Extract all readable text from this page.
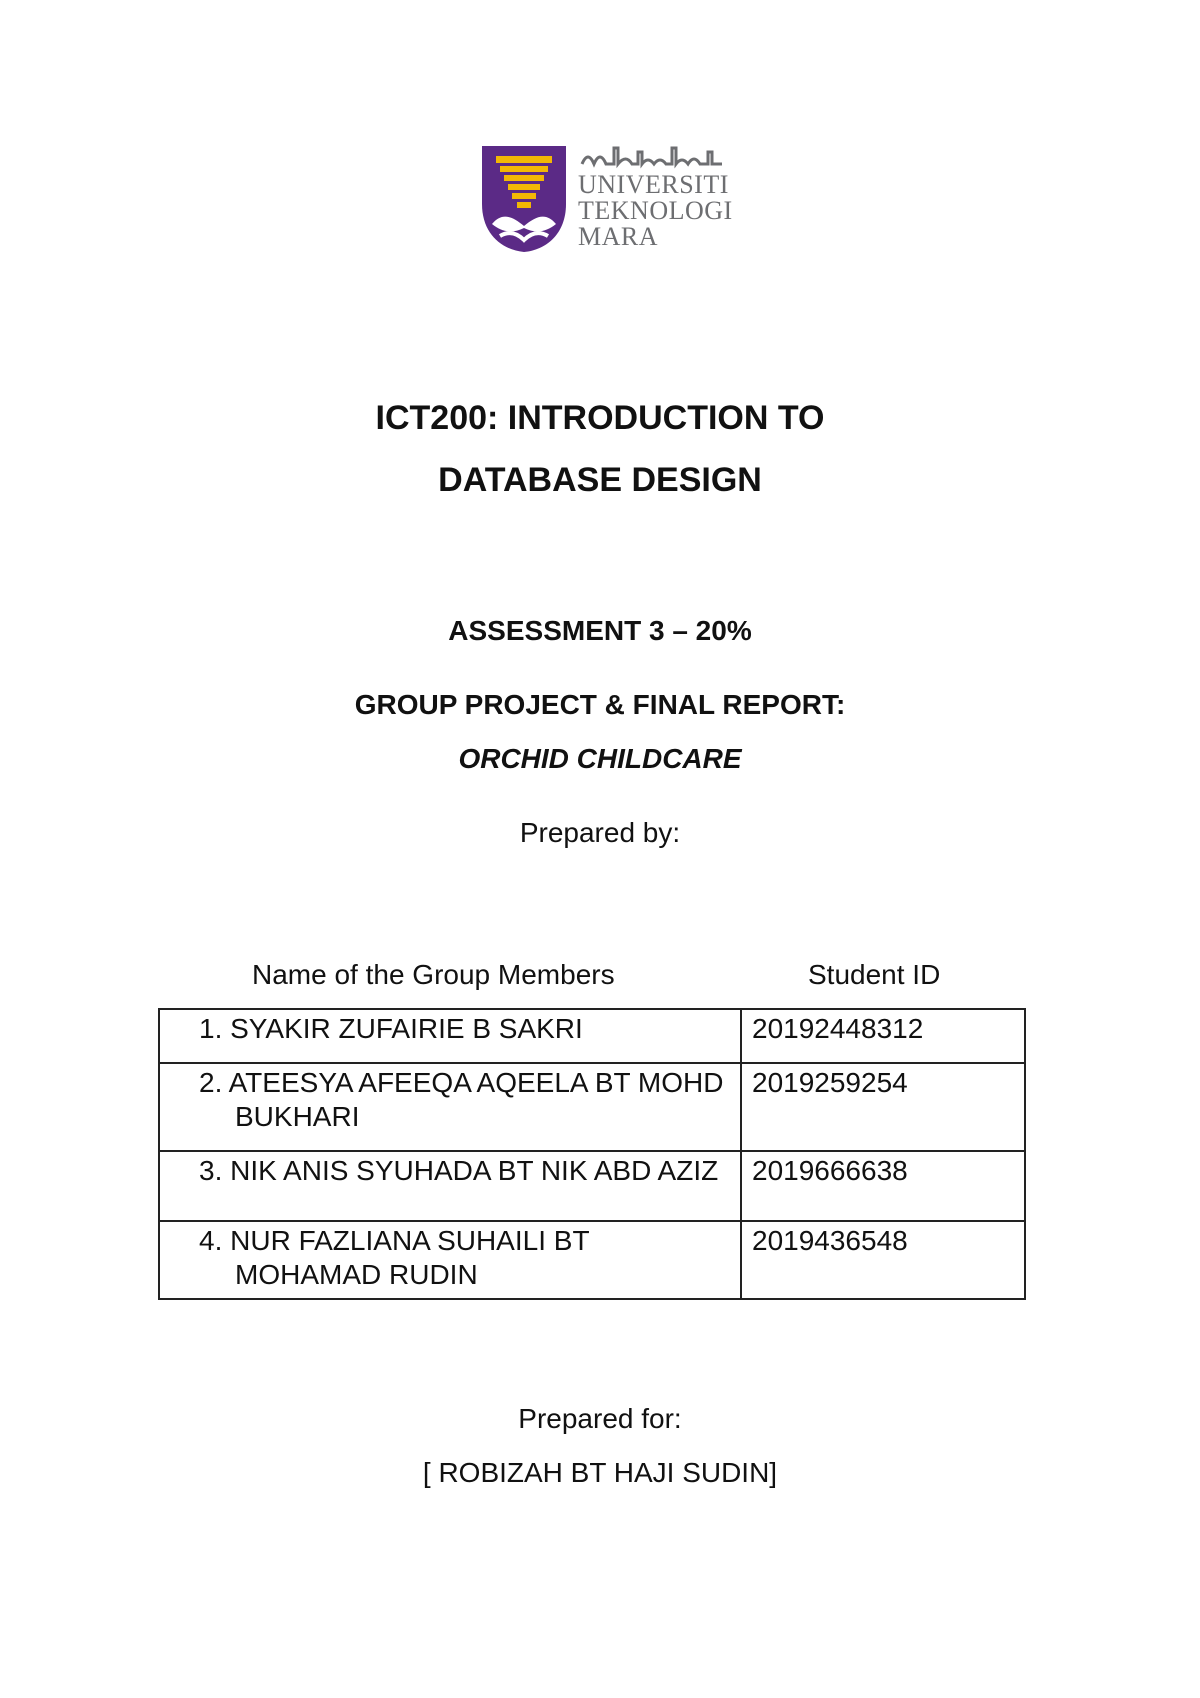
UNIVERSITI
TEKNOLOGI
MARA
ICT200: INTRODUCTION TO
DATABASE DESIGN
ASSESSMENT 3 – 20%
GROUP PROJECT & FINAL REPORT:
ORCHID CHILDCARE
Prepared by:
Name of the Group Members	Student ID
1. SYAKIR ZUFAIRIE B SAKRI	20192448312

2. ATEESYA AFEEQA AQEELA BT MOHD BUKHARI	2019259254

3. NIK ANIS SYUHADA BT NIK ABD AZIZ	2019666638

4. NUR FAZLIANA SUHAILI BT MOHAMAD RUDIN	2019436548
Prepared for:
[ ROBIZAH BT HAJI SUDIN]
